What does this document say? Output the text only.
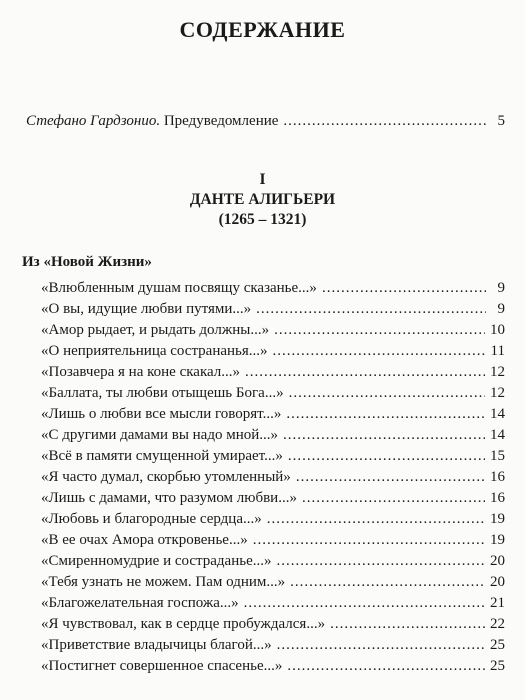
СОДЕРЖАНИЕ
Стефано Гардзонио.
Предуведомление .....	5
I
ДАНТЕ АЛИГЬЕРИ
(1265 – 1321)
Из «Новой Жизни»
«Влюбленным душам посвящу сказанье...» .....	9
«О вы, идущие любви путями...» .....	9
«Амор рыдает, и рыдать должны...» .....	10
«О неприятельница сострананья...» .....	11
«Позавчера я на коне скакал...» .....	12
«Баллата, ты любви отыщешь Бога...» .....	12
«Лишь о любви все мысли говорят...» .....	14
«С другими дамами вы надо мной...» .....	14
«Всё в памяти смущенной умирает...» .....	15
«Я часто думал, скорбью утомленный» .....	16
«Лишь с дамами, что разумом любви...» .....	16
«Любовь и благородные сердца...» .....	19
«В ее очах Амора откровенье...» .....	19
«Смиренномудрие и состраданье...» .....	20
«Тебя узнать не можем. Пам одним...» .....	20
«Благожелательная госпожа...» .....	21
«Я чувствовал, как в сердце пробуждался...» .....	22
«Приветствие владычицы благой...» .....	25
«Постигнет совершенное спасенье...» .....	25
